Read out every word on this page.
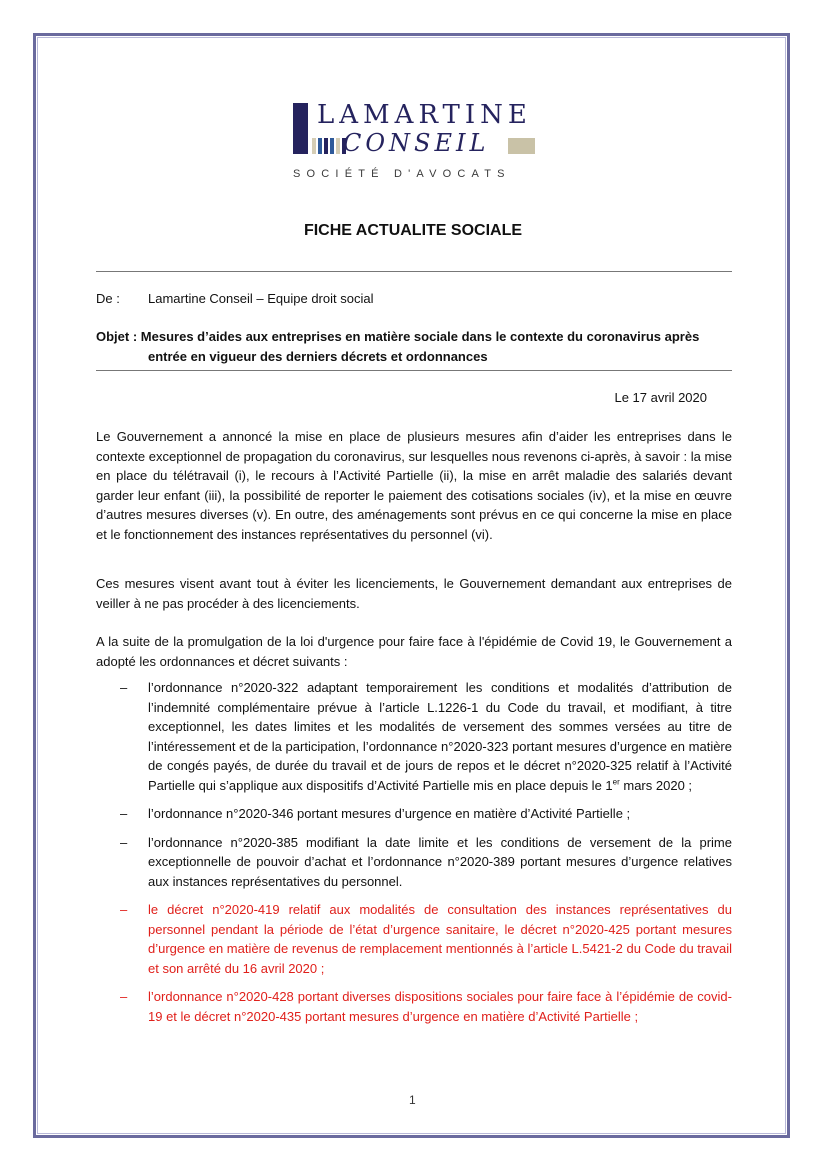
LAMARTINE
CONSEIL
SOCIÉTÉ D'AVOCATS
FICHE ACTUALITE SOCIALE
De : Lamartine Conseil – Equipe droit social
Objet : Mesures d’aides aux entreprises en matière sociale dans le contexte du coronavirus après
entrée en vigueur des derniers décrets et ordonnances
Le 17 avril 2020
Le Gouvernement a annoncé la mise en place de plusieurs mesures afin d’aider les entreprises dans le contexte exceptionnel de propagation du coronavirus, sur lesquelles nous revenons ci-après, à savoir : la mise en place du télétravail (i), le recours à l’Activité Partielle (ii), la mise en arrêt maladie des salariés devant garder leur enfant (iii), la possibilité de reporter le paiement des cotisations sociales (iv), et la mise en œuvre d’autres mesures diverses (v). En outre, des aménagements sont prévus en ce qui concerne la mise en place et le fonctionnement des instances représentatives du personnel (vi).
Ces mesures visent avant tout à éviter les licenciements, le Gouvernement demandant aux entreprises de veiller à ne pas procéder à des licenciements.
A la suite de la promulgation de la loi d'urgence pour faire face à l'épidémie de Covid 19, le Gouvernement a adopté les ordonnances et décret suivants :
– l’ordonnance n°2020-322 adaptant temporairement les conditions et modalités d’attribution de l’indemnité complémentaire prévue à l’article L.1226-1 du Code du travail, et modifiant, à titre exceptionnel, les dates limites et les modalités de versement des sommes versées au titre de l’intéressement et de la participation, l’ordonnance n°2020-323 portant mesures d’urgence en matière de congés payés, de durée du travail et de jours de repos et le décret n°2020-325 relatif à l’Activité Partielle qui s’applique aux dispositifs d’Activité Partielle mis en place depuis le 1er mars 2020 ;
– l’ordonnance n°2020-346 portant mesures d’urgence en matière d’Activité Partielle ;
– l’ordonnance n°2020-385 modifiant la date limite et les conditions de versement de la prime exceptionnelle de pouvoir d’achat et l’ordonnance n°2020-389 portant mesures d’urgence relatives aux instances représentatives du personnel.
– le décret n°2020-419 relatif aux modalités de consultation des instances représentatives du personnel pendant la période de l’état d’urgence sanitaire, le décret n°2020-425 portant mesures d’urgence en matière de revenus de remplacement mentionnés à l’article L.5421-2 du Code du travail et son arrêté du 16 avril 2020 ;
– l’ordonnance n°2020-428 portant diverses dispositions sociales pour faire face à l’épidémie de covid-19 et le décret n°2020-435 portant mesures d’urgence en matière d’Activité Partielle ;
1
